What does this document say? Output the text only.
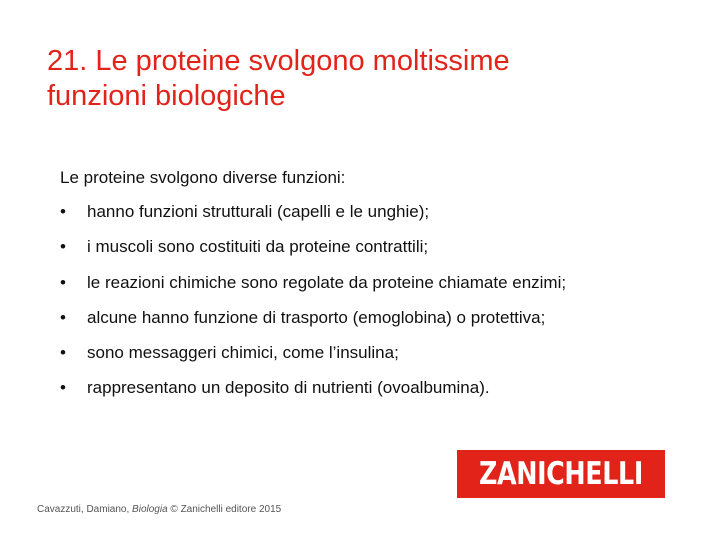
21. Le proteine svolgono moltissime
funzioni biologiche

Le proteine svolgono diverse funzioni:

• hanno funzioni strutturali (capelli e le unghie);
• i muscoli sono costituiti da proteine contrattili;
• le reazioni chimiche sono regolate da proteine chiamate enzimi;
• alcune hanno funzione di trasporto (emoglobina) o protettiva;
• sono messaggeri chimici, come l’insulina;
• rappresentano un deposito di nutrienti (ovoalbumina).
Cavazzuti, Damiano, Biologia © Zanichelli editore 2015
ZANICHELLI
